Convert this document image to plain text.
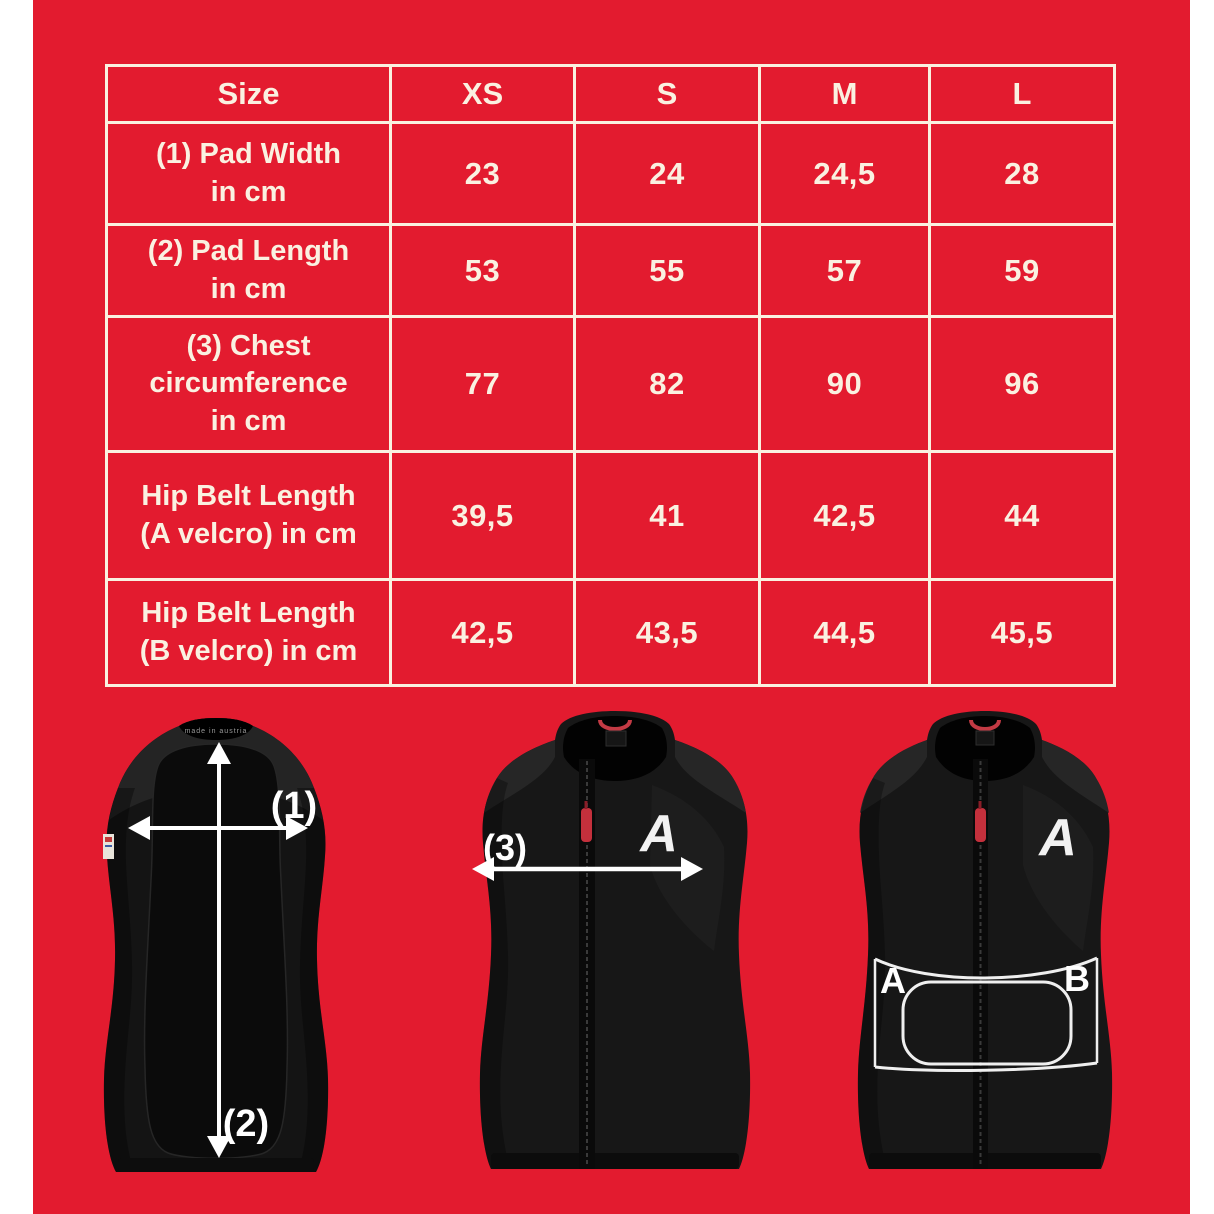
Size	XS	S	M	L

(1) Pad Width
in cm	23	24	24,5	28

(2) Pad Length
in cm	53	55	57	59

(3) Chest
circumference
in cm	77	82	90	96

Hip Belt Length
(A velcro) in cm	39,5	41	42,5	44

Hip Belt Length
(B velcro) in cm	42,5	43,5	44,5	45,5
made in austria
(1)
(2)
A
(3)	A
A	B
